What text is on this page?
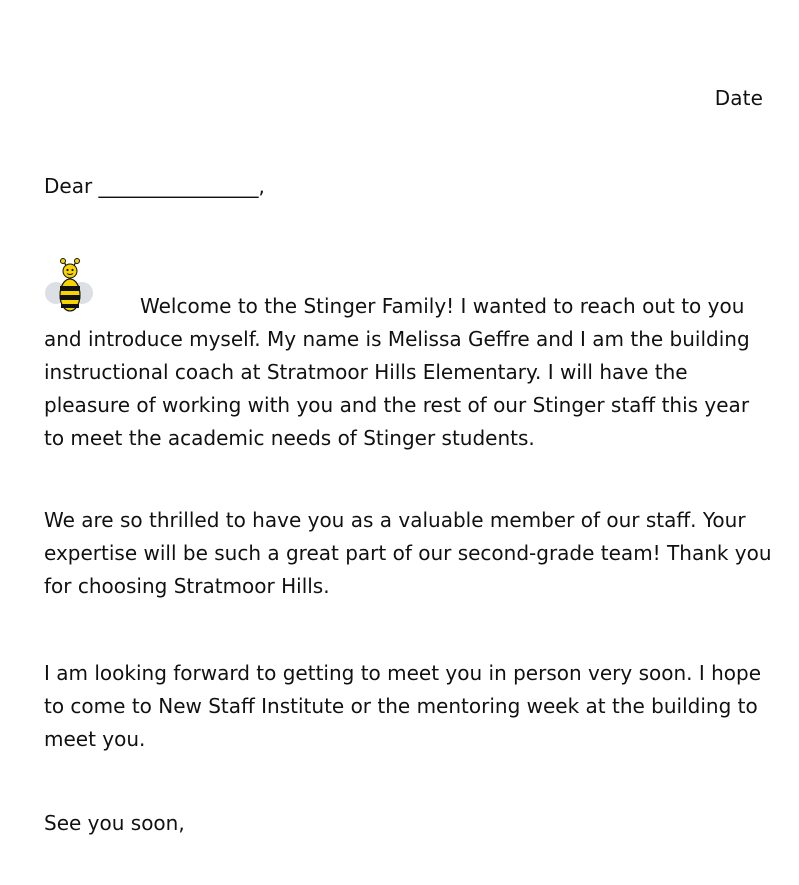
Date
Dear ________________,

Welcome to the Stinger Family! I wanted to reach out to you and introduce myself. My name is Melissa Geffre and I am the building instructional coach at Stratmoor Hills Elementary. I will have the pleasure of working with you and the rest of our Stinger staff this year to meet the academic needs of Stinger students.

We are so thrilled to have you as a valuable member of our staff. Your expertise will be such a great part of our second-grade team! Thank you for choosing Stratmoor Hills.

I am looking forward to getting to meet you in person very soon. I hope to come to New Staff Institute or the mentoring week at the building to meet you.

See you soon,
